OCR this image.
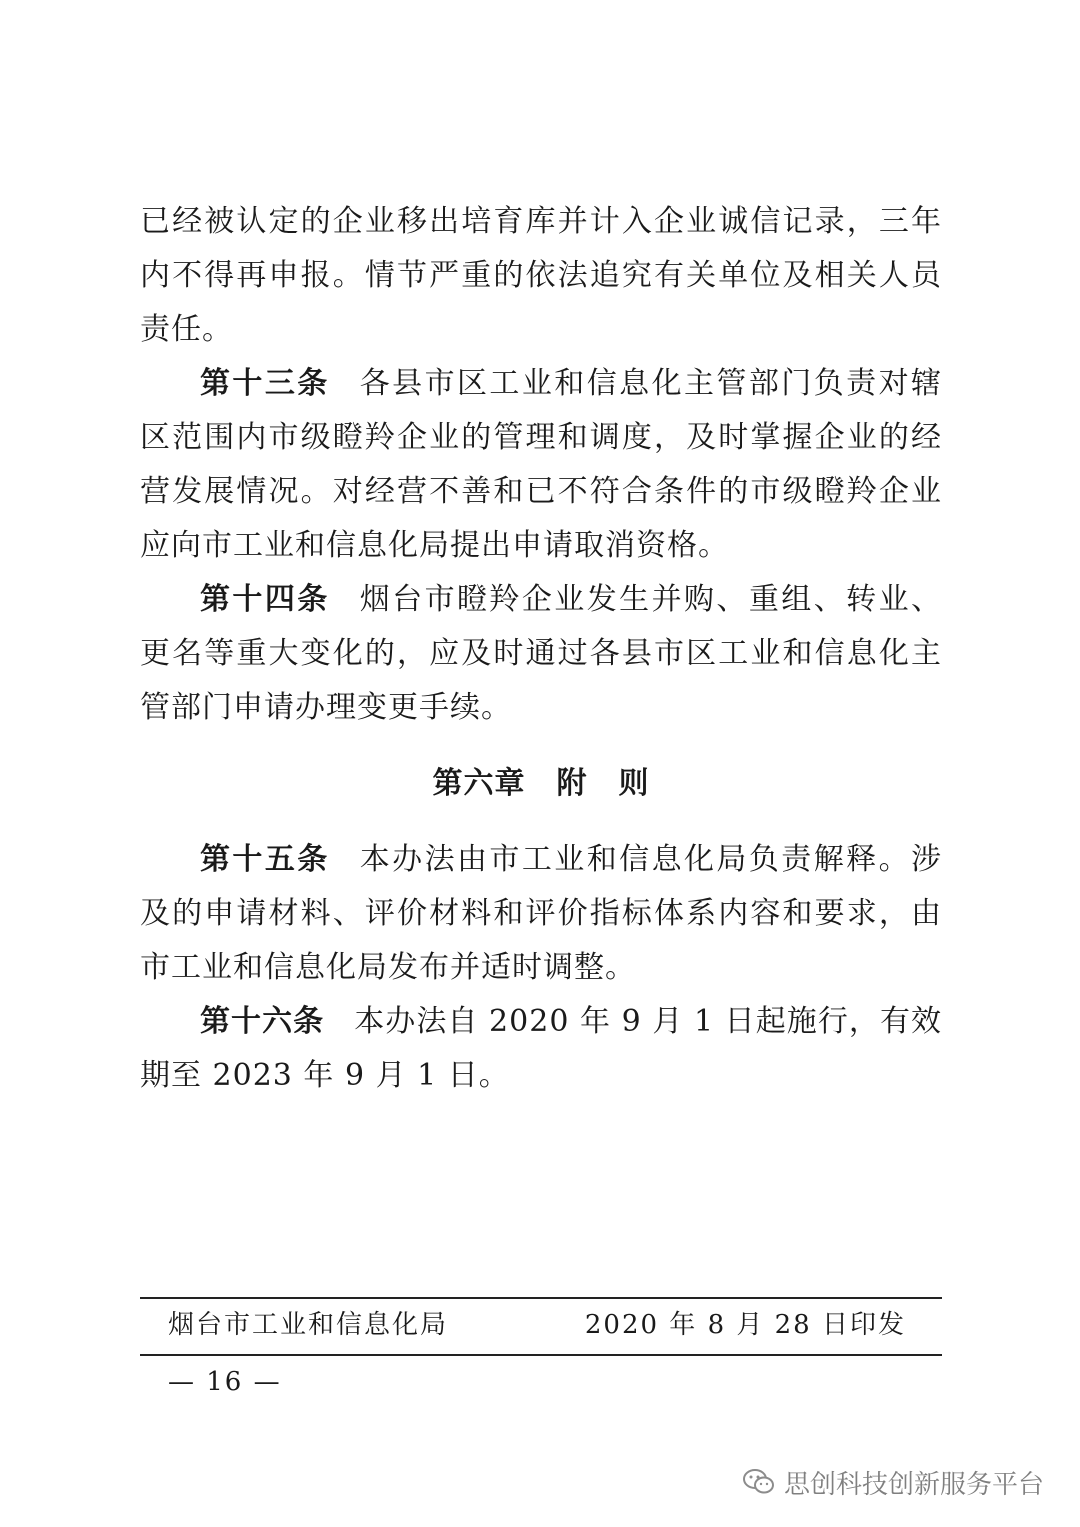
已经被认定的企业移出培育库并计入企业诚信记录，三年内不得再申报。情节严重的依法追究有关单位及相关人员责任。

第十三条 各县市区工业和信息化主管部门负责对辖区范围内市级瞪羚企业的管理和调度，及时掌握企业的经营发展情况。对经营不善和已不符合条件的市级瞪羚企业应向市工业和信息化局提出申请取消资格。

第十四条 烟台市瞪羚企业发生并购、重组、转业、更名等重大变化的，应及时通过各县市区工业和信息化主管部门申请办理变更手续。

第六章　附　则

第十五条 本办法由市工业和信息化局负责解释。涉及的申请材料、评价材料和评价指标体系内容和要求，由市工业和信息化局发布并适时调整。

第十六条 本办法自 2020 年 9 月 1 日起施行，有效期至 2023 年 9 月 1 日。

烟台市工业和信息化局	2020 年 8 月 28 日印发
— 16 —
思创科技创新服务平台
